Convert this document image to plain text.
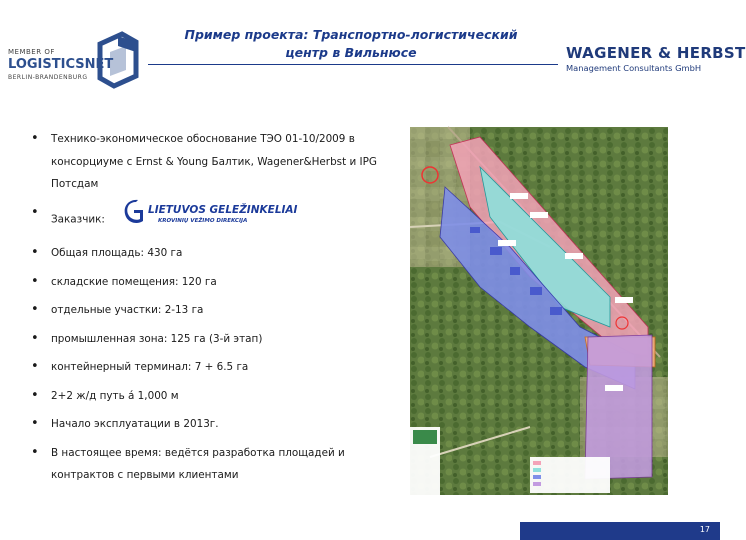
MEMBER OF
LOGISTICSNET
BERLIN-BRANDENBURG
Пример проекта: Транспортно-логистический
центр в Вильнюсе	WAGENER & HERBST
Management Consultants GmbH
• Технико-экономическое обоснование ТЭО 01-10/2009 в консорциуме с Ernst & Young Балтик, Wagener&Herbst и IPG Потсдам
• Заказчик:
LIETUVOS GELEŽINKELIAI
KROVINIŲ VEŽIMO DIREKCIJA
• Общая площадь: 430 га
• складские помещения: 120 га
• отдельные участки: 2-13 га
• промышленная зона: 125 га (3-й этап)
• контейнерный терминал: 7 + 6.5 га
• 2+2 ж/д путь á 1,000 м
• Начало эксплуатации в 2013г.
• В настоящее время: ведётся разработка площадей и контрактов с первыми клиентами
17
